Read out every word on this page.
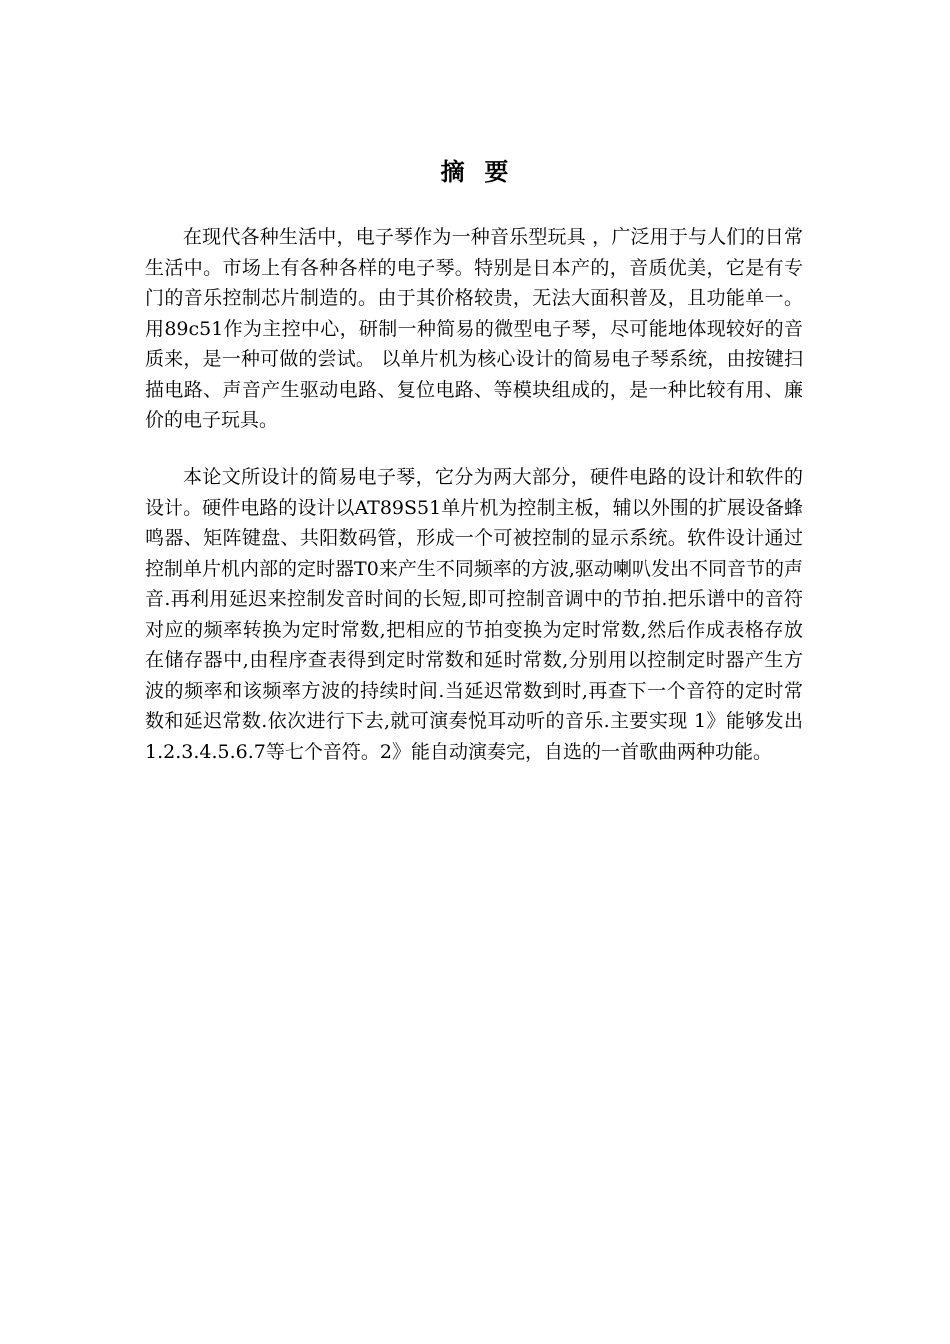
摘  要

在现代各种生活中，电子琴作为一种音乐型玩具 ，广泛用于与人们的日常生活中。市场上有各种各样的电子琴。特别是日本产的，音质优美，它是有专门的音乐控制芯片制造的。由于其价格较贵，无法大面积普及，且功能单一。用89c51作为主控中心，研制一种简易的微型电子琴，尽可能地体现较好的音质来，是一种可做的尝试。 以单片机为核心设计的简易电子琴系统，由按键扫描电路、声音产生驱动电路、复位电路、等模块组成的，是一种比较有用、廉价的电子玩具。

本论文所设计的简易电子琴，它分为两大部分，硬件电路的设计和软件的设计。硬件电路的设计以AT89S51单片机为控制主板，辅以外围的扩展设备蜂鸣器、矩阵键盘、共阳数码管，形成一个可被控制的显示系统。软件设计通过控制单片机内部的定时器T0来产生不同频率的方波,驱动喇叭发出不同音节的声音.再利用延迟来控制发音时间的长短,即可控制音调中的节拍.把乐谱中的音符对应的频率转换为定时常数,把相应的节拍变换为定时常数,然后作成表格存放在储存器中,由程序查表得到定时常数和延时常数,分别用以控制定时器产生方波的频率和该频率方波的持续时间.当延迟常数到时,再查下一个音符的定时常数和延迟常数.依次进行下去,就可演奏悦耳动听的音乐.主要实现 1》能够发出1.2.3.4.5.6.7等七个音符。2》能自动演奏完，自选的一首歌曲两种功能。
